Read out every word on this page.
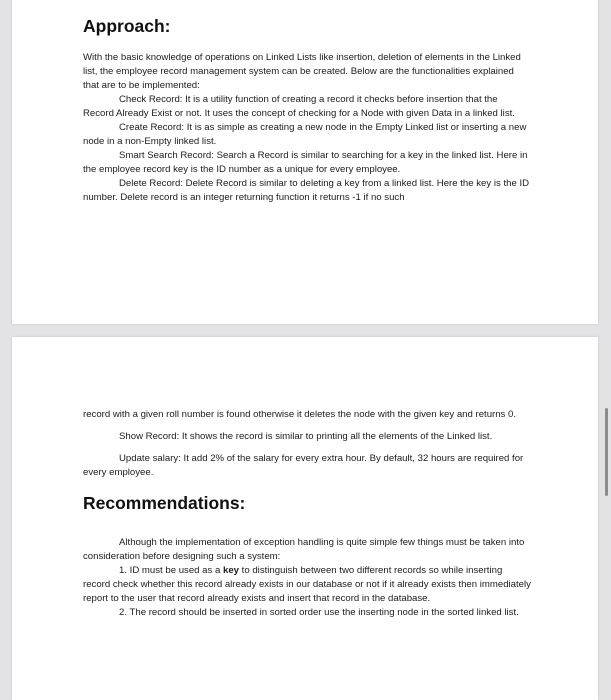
Approach:

With the basic knowledge of operations on Linked Lists like insertion, deletion of elements in the Linked list, the employee record management system can be created. Below are the functionalities explained that are to be implemented:

Check Record: It is a utility function of creating a record it checks before insertion that the Record Already Exist or not. It uses the concept of checking for a Node with given Data in a linked list.

Create Record: It is as simple as creating a new node in the Empty Linked list or inserting a new node in a non-Empty linked list.

Smart Search Record: Search a Record is similar to searching for a key in the linked list. Here in the employee record key is the ID number as a unique for every employee.

Delete Record: Delete Record is similar to deleting a key from a linked list. Here the key is the ID number. Delete record is an integer returning function it returns -1 if no such

record with a given roll number is found otherwise it deletes the node with the given key and returns 0.

Show Record: It shows the record is similar to printing all the elements of the Linked list.

Update salary: It add 2% of the salary for every extra hour. By default, 32 hours are required for every employee.

Recommendations:

Although the implementation of exception handling is quite simple few things must be taken into consideration before designing such a system:

1. ID must be used as a key to distinguish between two different records so while inserting record check whether this record already exists in our database or not if it already exists then immediately report to the user that record already exists and insert that record in the database.

2. The record should be inserted in sorted order use the inserting node in the sorted linked list.
